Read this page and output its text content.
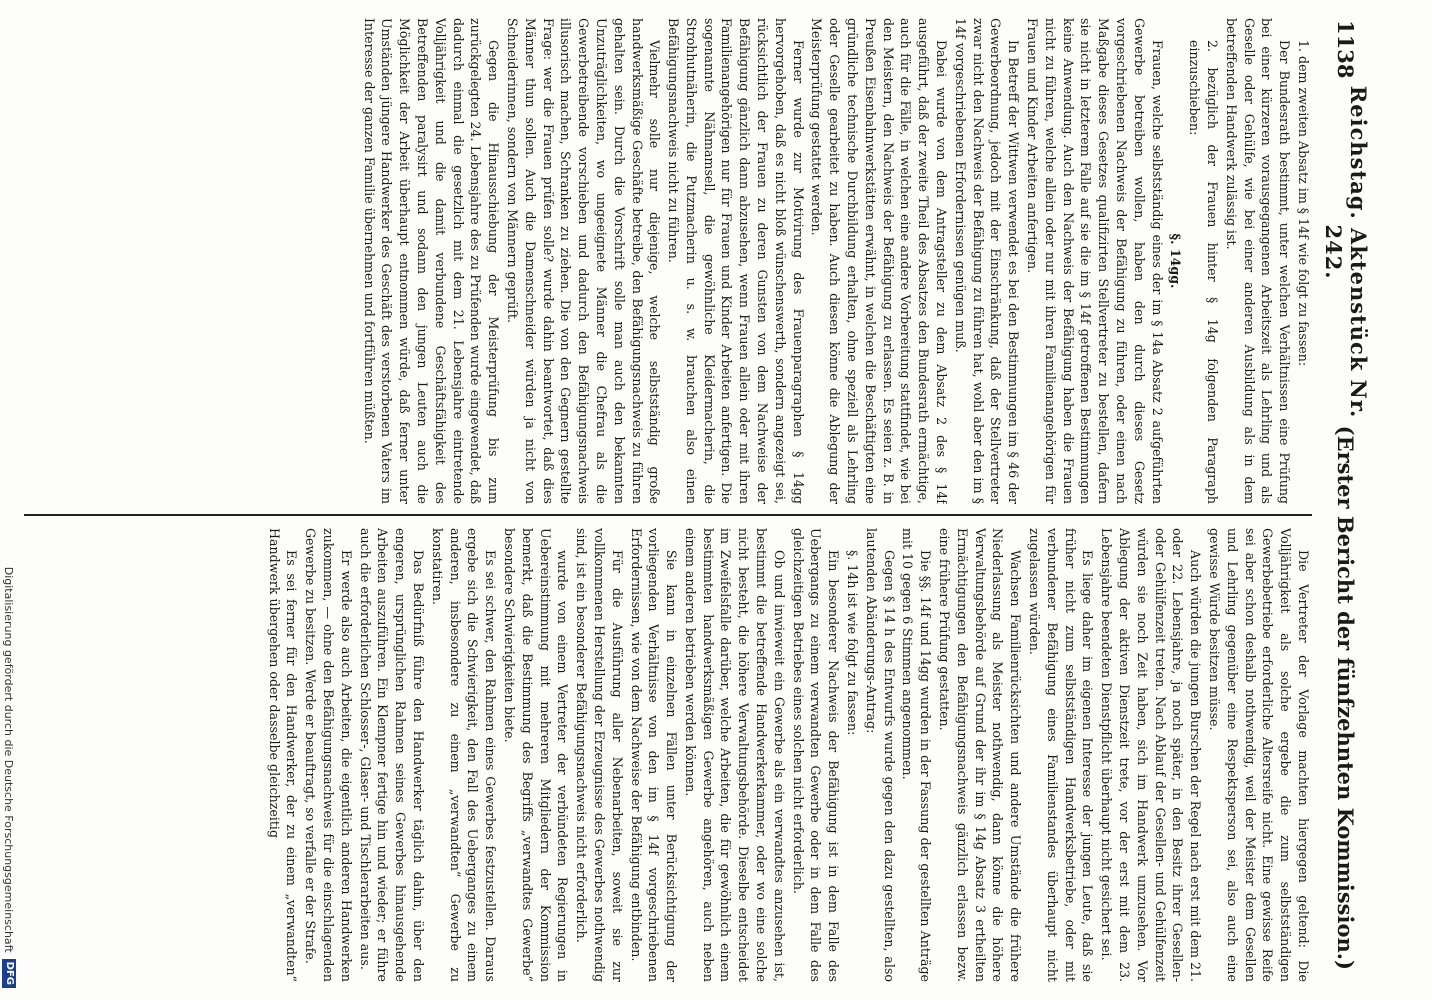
1138
Reichstag. Aktenstück Nr. 242.
(Erster Bericht der fünfzehnten Kommission.)

1. dem zweiten Absatz im § 14f wie folgt zu fassen:

Der Bundesrath bestimmt, unter welchen Verhältnissen eine Prüfung bei einer kürzeren vorausgegangenen Arbeitszeit als Lehrling und als Geselle oder Gehülfe, wie bei einer anderen Ausbildung als in dem betreffenden Handwerk zulässig ist.

2. bezüglich der Frauen hinter § 14g folgenden Paragraph einzuschieben:

§. 14gg.

Frauen, welche selbstständig eines der im § 14a Absatz 2 aufgeführten Gewerbe betreiben wollen, haben den durch dieses Gesetz vorgeschriebenen Nachweis der Befähigung zu führen, oder einen nach Maßgabe dieses Gesetzes qualifizirten Stellvertreter zu bestellen, dafern sie nicht in letzterem Falle auf sie die im § 14f getroffenen Bestimmungen keine Anwendung. Auch den Nachweis der Befähigung haben die Frauen nicht zu führen, welche allein oder nur mit ihren Familienangehörigen für Frauen und Kinder Arbeiten anfertigen.

In Betreff der Wittwen verwendet es bei den Bestimmungen im § 46 der Gewerbeordnung, jedoch mit der Einschränkung, daß der Stellvertreter zwar nicht den Nachweis der Befähigung zu führen hat, wohl aber den im § 14f vorgeschriebenen Erfordernissen genügen muß.

Dabei wurde von dem Antragsteller zu dem Absatz 2 des § 14f ausgeführt, daß der zweite Theil des Absatzes den Bundesrath ermächtige, auch für die Fälle, in welchen eine andere Vorbereitung stattfindet, wie bei den Meistern, den Nachweis der Befähigung zu erlassen. Es seien z. B. in Preußen Eisenbahnwerkstätten erwähnt, in welchen die Beschäftigten eine gründliche technische Durchbildung erhalten, ohne speziell als Lehrling oder Geselle gearbeitet zu haben. Auch diesen könne die Ablegung der Meisterprüfung gestattet werden.

Ferner wurde zur Motivirung des Frauenparagraphen § 14gg hervorgehoben, daß es nicht bloß wünschenswerth, sondern angezeigt sei, rücksichtlich der Frauen zu deren Gunsten von dem Nachweise der Befähigung gänzlich dann abzusehen, wenn Frauen allein oder mit ihren Familienangehörigen nur für Frauen und Kinder Arbeiten anfertigen. Die sogenannte Nähmamsell, die gewöhnliche Kleidermacherin, die Strohhutnäherin, die Putzmacherin u. s. w. brauchen also einen Befähigungsnachweis nicht zu führen.

Vielmehr solle nur diejenige, welche selbstständig große handwerksmäßige Geschäfte betreibe, den Befähigungsnachweis zu führen gehalten sein. Durch die Vorschrift solle man auch den bekannten Unzuträglichkeiten, wo ungeeignete Männer die Chefrau als die Gewerbetreibende vorschieben und dadurch den Befähigungsnachweis illusorisch machen, Schranken zu ziehen. Die von den Gegnern gestellte Frage: wer die Frauen prüfen solle? wurde dahin beantwortet, daß dies Männer thun sollen. Auch die Damenschneider würden ja nicht von Schneiderinnen, sondern von Männern geprüft.

Gegen die Hinausschiebung der Meisterprüfung bis zum zurückgelegten 24. Lebensjahre des zu Prüfenden wurde eingewendet, daß dadurch einmal die gesetzlich mit dem 21. Lebensjahre eintretende Volljährigkeit und die damit verbundene Geschäftsfähigkeit des Betreffenden paralysirt und sodann den jungen Leuten auch die Möglichkeit der Arbeit überhaupt entnommen würde, daß ferner unter Umständen jüngere Handwerker des Geschäft des verstorbenen Vaters im Interesse der ganzen Familie übernehmen und fortführen müßten.

Die Vertreter der Vorlage machten hiergegen geltend: Die Volljährigkeit als solche ergebe die zum selbstständigen Gewerbebetriebe erforderliche Altersreife nicht. Eine gewisse Reife sei aber schon deshalb nothwendig, weil der Meister dem Gesellen und Lehrling gegenüber eine Respektsperson sei, also auch eine gewisse Würde besitzen müsse.

Auch würden die jungen Burschen der Regel nach erst mit dem 21. oder 22. Lebensjahre, ja noch später, in den Besitz ihrer Gesellen- oder Gehülfenzeit treten. Nach Ablauf der Gesellen- und Gehülfenzeit würden sie noch Zeit haben, sich im Handwerk umzusehen. Vor Ablegung der aktiven Dienstzeit trete, vor der erst mit dem 23. Lebensjahre beendeten Dienstpflicht überhaupt nicht gesichert sei.

Es liege daher im eigenen Interesse der jungen Leute, daß sie früher nicht zum selbstständigen Handwerksbetriebe, oder mit verbundener Befähigung eines Familienstandes überhaupt nicht zugelassen würden.

Wachsen Familienrücksichten und andere Umstände die frühere Niederlassung als Meister nothwendig, dann könne die höhere Verwaltungsbehörde auf Grund der ihr im § 14g Absatz 3 ertheilten Ermächtigungen den Befähigungsnachweis gänzlich erlassen bezw. eine frühere Prüfung gestatten.

Die §§. 14f und 14gg wurden in der Fassung der gestellten Anträge mit 10 gegen 6 Stimmen angenommen.

Gegen § 14 h des Entwurfs wurde gegen den dazu gestellten, also lautenden Abänderungs-Antrag:

§. 14h ist wie folgt zu fassen:

Ein besonderer Nachweis der Befähigung ist in dem Falle des Uebergangs zu einem verwandten Gewerbe oder in dem Falle des gleichzeitigen Betriebes eines solchen nicht erforderlich.

Ob und inwieweit ein Gewerbe als ein verwandtes anzusehen ist, bestimmt die betreffende Handwerkerkammer, oder wo eine solche nicht besteht, die höhere Verwaltungsbehörde. Dieselbe entscheidet im Zweifelsfalle darüber, welche Arbeiten, die für gewöhnlich einem bestimmten handwerksmäßigen Gewerbe angehören, auch neben einem anderen betrieben werden können.

Sie kann in einzelnen Fällen unter Berücksichtigung der vorliegenden Verhältnisse von den im § 14f vorgeschriebenen Erfordernissen, wie von dem Nachweise der Befähigung entbinden.

Für die Ausführung aller Nebenarbeiten, soweit sie zur vollkommenen Herstellung der Erzeugnisse des Gewerbes nothwendig sind, ist ein besonderer Befähigungsnachweis nicht erforderlich.

wurde von einem Vertreter der verbündeten Regierungen in Uebereinstimmung mit mehreren Mitgliedern der Kommission bemerkt, daß die Bestimmung des Begriffs „verwandtes Gewerbe“ besondere Schwierigkeiten biete.

Es sei schwer, den Rahmen eines Gewerbes festzustellen. Daraus ergebe sich die Schwierigkeit, den Fall des Ueberganges zu einem anderen, insbesondere zu einem „verwandten“ Gewerbe zu konstatiren.

Das Bedürfniß führe den Handwerker täglich dahin, über den engeren, ursprünglichen Rahmen seines Gewerbes hinausgehende Arbeiten auszuführen. Ein Klempner fertige hin und wieder; er führe auch die erforderlichen Schlosser-, Glaser- und Tischlerarbeiten aus.

Er werde also auch Arbeiten, die eigentlich anderen Handwerken zukommen, — ohne den Befähigungsnachweis für die einschlagenden Gewerbe zu besitzen. Werde er beauftragt, so verfalle er der Strafe.

Es sei ferner für den Handwerker, der zu einem „verwandten“ Handwerk übergehen oder dasselbe gleichzeitig

Digitalisierung gefördert durch die Deutsche Forschungsgemeinschaft
DFG
